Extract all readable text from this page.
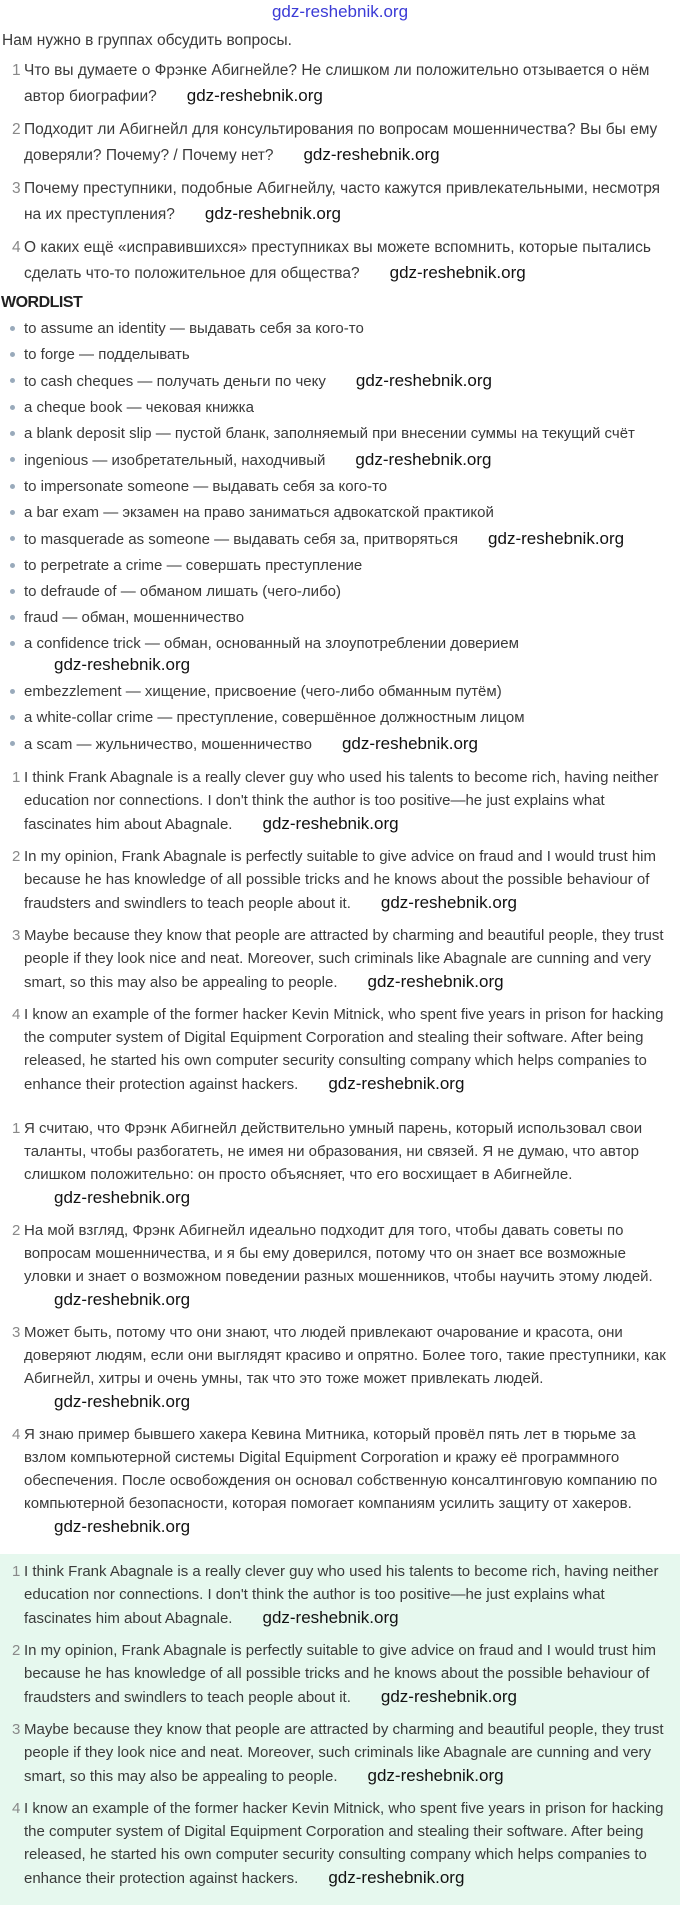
gdz-reshebnik.org
Нам нужно в группах обсудить вопросы.
1 Что вы думаете о Фрэнке Абигнейле? Не слишком ли положительно отзывается о нём автор биографии? gdz-reshebnik.org
2 Подходит ли Абигнейл для консультирования по вопросам мошенничества? Вы бы ему доверяли? Почему? / Почему нет? gdz-reshebnik.org
3 Почему преступники, подобные Абигнейлу, часто кажутся привлекательными, несмотря на их преступления? gdz-reshebnik.org
4 О каких ещё «исправившихся» преступниках вы можете вспомнить, которые пытались сделать что-то положительное для общества? gdz-reshebnik.org
WORDLIST
to assume an identity — выдавать себя за кого-то
to forge — подделывать
to cash cheques — получать деньги по чеку gdz-reshebnik.org
a cheque book — чековая книжка
a blank deposit slip — пустой бланк, заполняемый при внесении суммы на текущий счёт
ingenious — изобретательный, находчивый gdz-reshebnik.org
to impersonate someone — выдавать себя за кого-то
a bar exam — экзамен на право заниматься адвокатской практикой
to masquerade as someone — выдавать себя за, притворяться gdz-reshebnik.org
to perpetrate a crime — совершать преступление
to defraude of — обманом лишать (чего-либо)
fraud — обман, мошенничество
a confidence trick — обман, основанный на злоупотреблении довериемgdz-reshebnik.org
embezzlement — хищение, присвоение (чего-либо обманным путём)
a white-collar crime — преступление, совершённое должностным лицом
a scam — жульничество, мошенничество gdz-reshebnik.org
1 I think Frank Abagnale is a really clever guy who used his talents to become rich, having neither education nor connections. I don't think the author is too positive—he just explains what fascinates him about Abagnale. gdz-reshebnik.org
2 In my opinion, Frank Abagnale is perfectly suitable to give advice on fraud and I would trust him because he has knowledge of all possible tricks and he knows about the possible behaviour of fraudsters and swindlers to teach people about it. gdz-reshebnik.org
3 Maybe because they know that people are attracted by charming and beautiful people, they trust people if they look nice and neat. Moreover, such criminals like Abagnale are cunning and very smart, so this may also be appealing to people. gdz-reshebnik.org
4 I know an example of the former hacker Kevin Mitnick, who spent five years in prison for hacking the computer system of Digital Equipment Corporation and stealing their software. After being released, he started his own computer security consulting company which helps companies to enhance their protection against hackers. gdz-reshebnik.org
1 Я считаю, что Фрэнк Абигнейл действительно умный парень, который использовал свои таланты, чтобы разбогатеть, не имея ни образования, ни связей. Я не думаю, что автор слишком положительно: он просто объясняет, что его восхищает в Абигнейле.gdz-reshebnik.org
2 На мой взгляд, Фрэнк Абигнейл идеально подходит для того, чтобы давать советы по вопросам мошенничества, и я бы ему доверился, потому что он знает все возможные уловки и знает о возможном поведении разных мошенников, чтобы научить этому людей.gdz-reshebnik.org
3 Может быть, потому что они знают, что людей привлекают очарование и красота, они доверяют людям, если они выглядят красиво и опрятно. Более того, такие преступники, как Абигнейл, хитры и очень умны, так что это тоже может привлекать людей.gdz-reshebnik.org
4 Я знаю пример бывшего хакера Кевина Митника, который провёл пять лет в тюрьме за взлом компьютерной системы Digital Equipment Corporation и кражу её программного обеспечения. После освобождения он основал собственную консалтинговую компанию по компьютерной безопасности, которая помогает компаниям усилить защиту от хакеров.gdz-reshebnik.org
1 I think Frank Abagnale is a really clever guy who used his talents to become rich, having neither education nor connections. I don't think the author is too positive—he just explains what fascinates him about Abagnale. gdz-reshebnik.org
2 In my opinion, Frank Abagnale is perfectly suitable to give advice on fraud and I would trust him because he has knowledge of all possible tricks and he knows about the possible behaviour of fraudsters and swindlers to teach people about it. gdz-reshebnik.org
3 Maybe because they know that people are attracted by charming and beautiful people, they trust people if they look nice and neat. Moreover, such criminals like Abagnale are cunning and very smart, so this may also be appealing to people. gdz-reshebnik.org
4 I know an example of the former hacker Kevin Mitnick, who spent five years in prison for hacking the computer system of Digital Equipment Corporation and stealing their software. After being released, he started his own computer security consulting company which helps companies to enhance their protection against hackers. gdz-reshebnik.org
